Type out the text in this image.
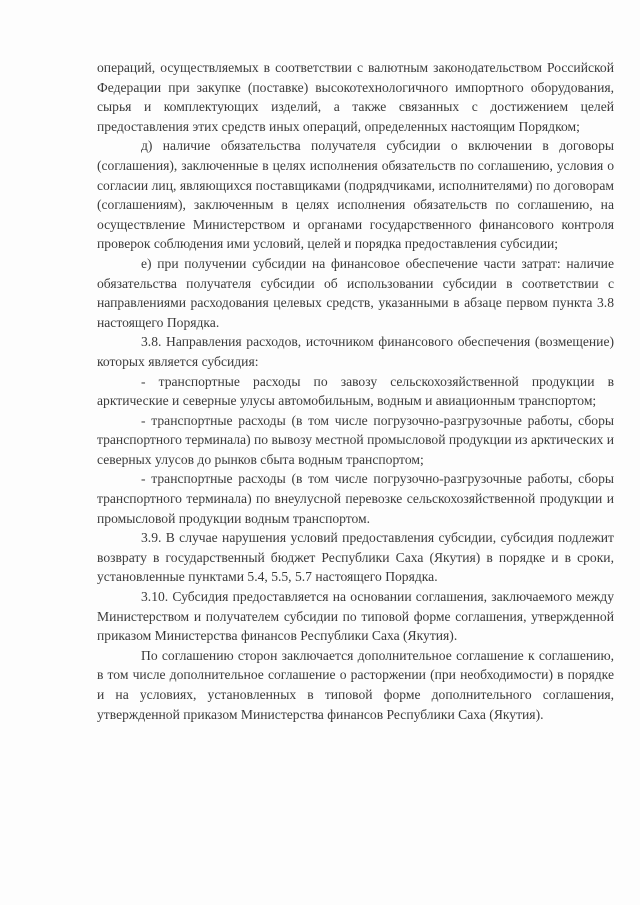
операций, осуществляемых в соответствии с валютным законодательством Российской Федерации при закупке (поставке) высокотехнологичного импортного оборудования, сырья и комплектующих изделий, а также связанных с достижением целей предоставления этих средств иных операций, определенных настоящим Порядком;

д) наличие обязательства получателя субсидии о включении в договоры (соглашения), заключенные в целях исполнения обязательств по соглашению, условия о согласии лиц, являющихся поставщиками (подрядчиками, исполнителями) по договорам (соглашениям), заключенным в целях исполнения обязательств по соглашению, на осуществление Министерством и органами государственного финансового контроля проверок соблюдения ими условий, целей и порядка предоставления субсидии;

е) при получении субсидии на финансовое обеспечение части затрат: наличие обязательства получателя субсидии об использовании субсидии в соответствии с направлениями расходования целевых средств, указанными в абзаце первом пункта 3.8 настоящего Порядка.

3.8. Направления расходов, источником финансового обеспечения (возмещение) которых является субсидия:

- транспортные расходы по завозу сельскохозяйственной продукции в арктические и северные улусы автомобильным, водным и авиационным транспортом;

- транспортные расходы (в том числе погрузочно-разгрузочные работы, сборы транспортного терминала) по вывозу местной промысловой продукции из арктических и северных улусов до рынков сбыта водным транспортом;

- транспортные расходы (в том числе погрузочно-разгрузочные работы, сборы транспортного терминала) по внеулусной перевозке сельскохозяйственной продукции и промысловой продукции водным транспортом.

3.9. В случае нарушения условий предоставления субсидии, субсидия подлежит возврату в государственный бюджет Республики Саха (Якутия) в порядке и в сроки, установленные пунктами 5.4, 5.5, 5.7 настоящего Порядка.

3.10. Субсидия предоставляется на основании соглашения, заключаемого между Министерством и получателем субсидии по типовой форме соглашения, утвержденной приказом Министерства финансов Республики Саха (Якутия).

По соглашению сторон заключается дополнительное соглашение к соглашению, в том числе дополнительное соглашение о расторжении (при необходимости) в порядке и на условиях, установленных в типовой форме дополнительного соглашения, утвержденной приказом Министерства финансов Республики Саха (Якутия).
